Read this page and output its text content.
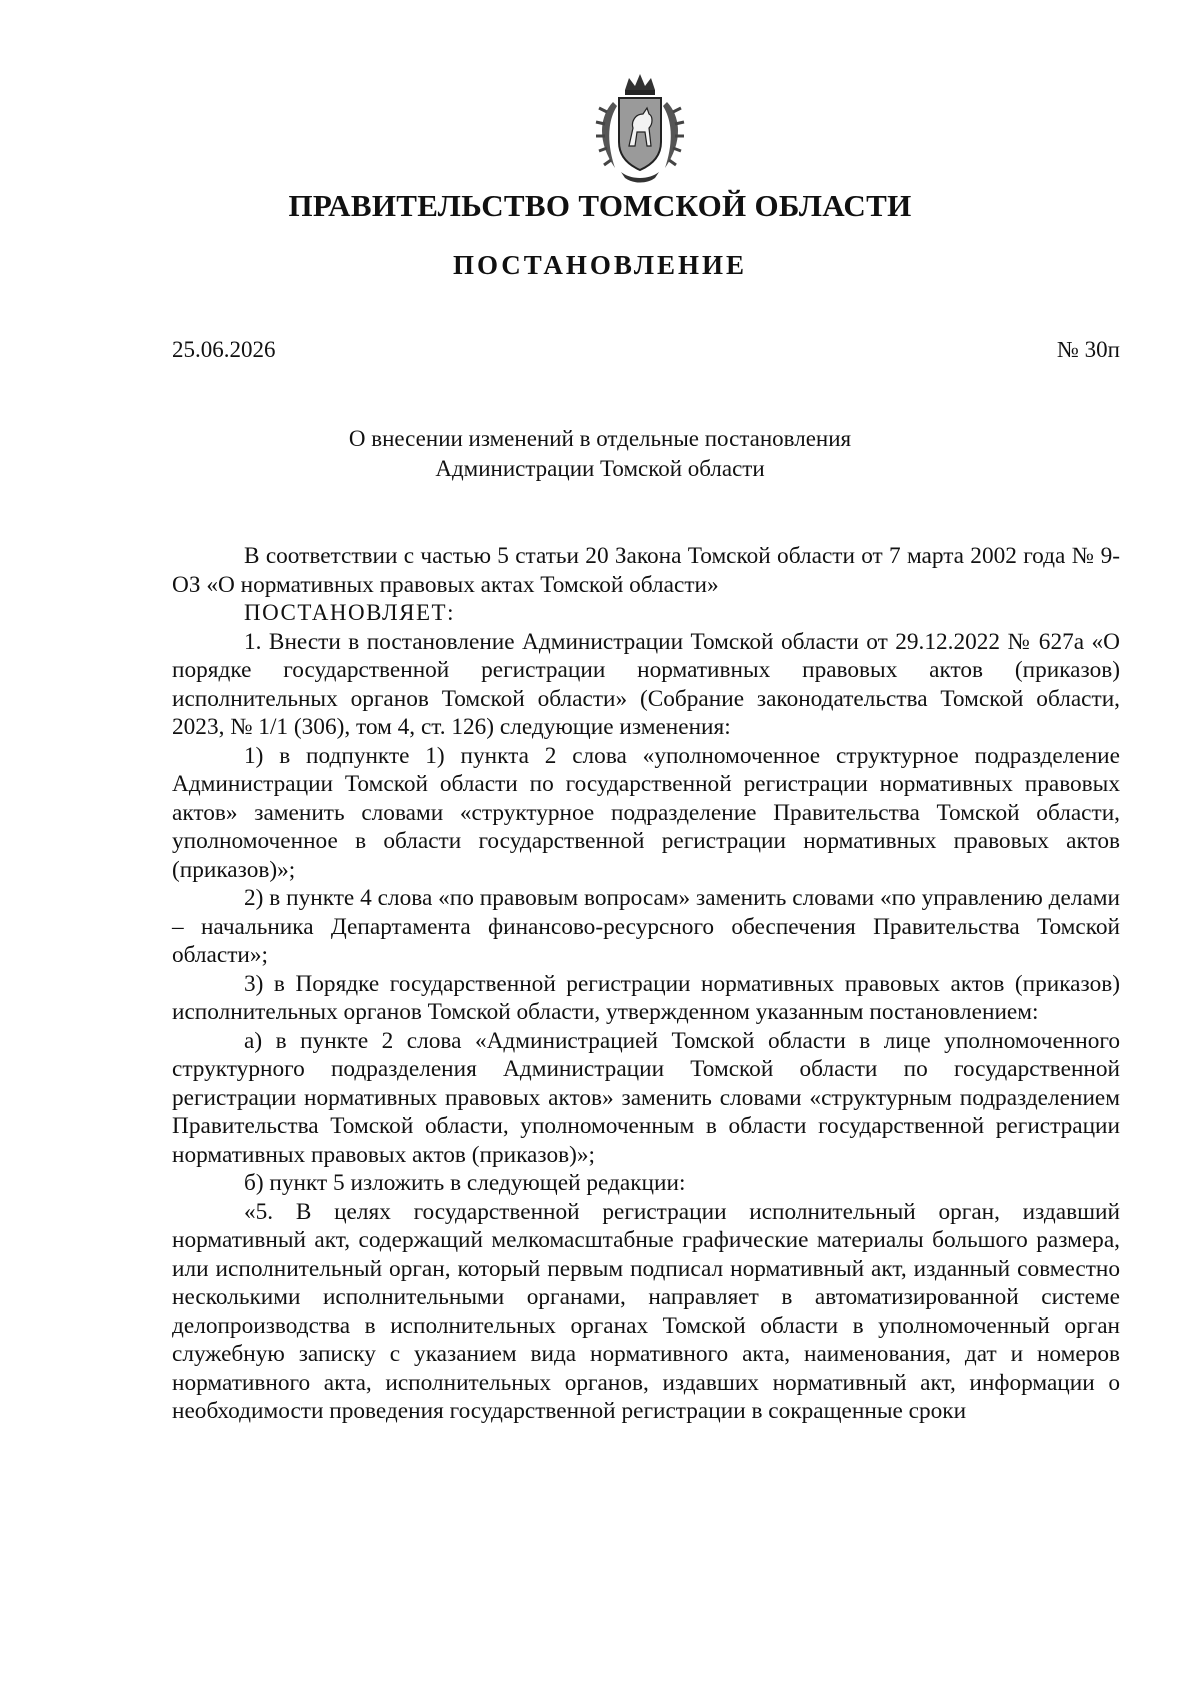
ПРАВИТЕЛЬСТВО ТОМСКОЙ ОБЛАСТИ
ПОСТАНОВЛЕНИЕ
25.06.2026	№ 30п
О внесении изменений в отдельные постановления
Администрации Томской области

В соответствии с частью 5 статьи 20 Закона Томской области от 7 марта 2002 года № 9-ОЗ «О нормативных правовых актах Томской области»

ПОСТАНОВЛЯЕТ:

1. Внести в постановление Администрации Томской области от 29.12.2022 № 627а «О порядке государственной регистрации нормативных правовых актов (приказов) исполнительных органов Томской области» (Собрание законодательства Томской области, 2023, № 1/1 (306), том 4, ст. 126) следующие изменения:

1) в подпункте 1) пункта 2 слова «уполномоченное структурное подразделение Администрации Томской области по государственной регистрации нормативных правовых актов» заменить словами «структурное подразделение Правительства Томской области, уполномоченное в области государственной регистрации нормативных правовых актов (приказов)»;

2) в пункте 4 слова «по правовым вопросам» заменить словами «по управлению делами – начальника Департамента финансово-ресурсного обеспечения Правительства Томской области»;

3) в Порядке государственной регистрации нормативных правовых актов (приказов) исполнительных органов Томской области, утвержденном указанным постановлением:

а) в пункте 2 слова «Администрацией Томской области в лице уполномоченного структурного подразделения Администрации Томской области по государственной регистрации нормативных правовых актов» заменить словами «структурным подразделением Правительства Томской области, уполномоченным в области государственной регистрации нормативных правовых актов (приказов)»;

б) пункт 5 изложить в следующей редакции:

«5. В целях государственной регистрации исполнительный орган, издавший нормативный акт, содержащий мелкомасштабные графические материалы большого размера, или исполнительный орган, который первым подписал нормативный акт, изданный совместно несколькими исполнительными органами, направляет в автоматизированной системе делопроизводства в исполнительных органах Томской области в уполномоченный орган служебную записку с указанием вида нормативного акта, наименования, дат и номеров нормативного акта, исполнительных органов, издавших нормативный акт, информации о необходимости проведения государственной регистрации в сокращенные сроки
